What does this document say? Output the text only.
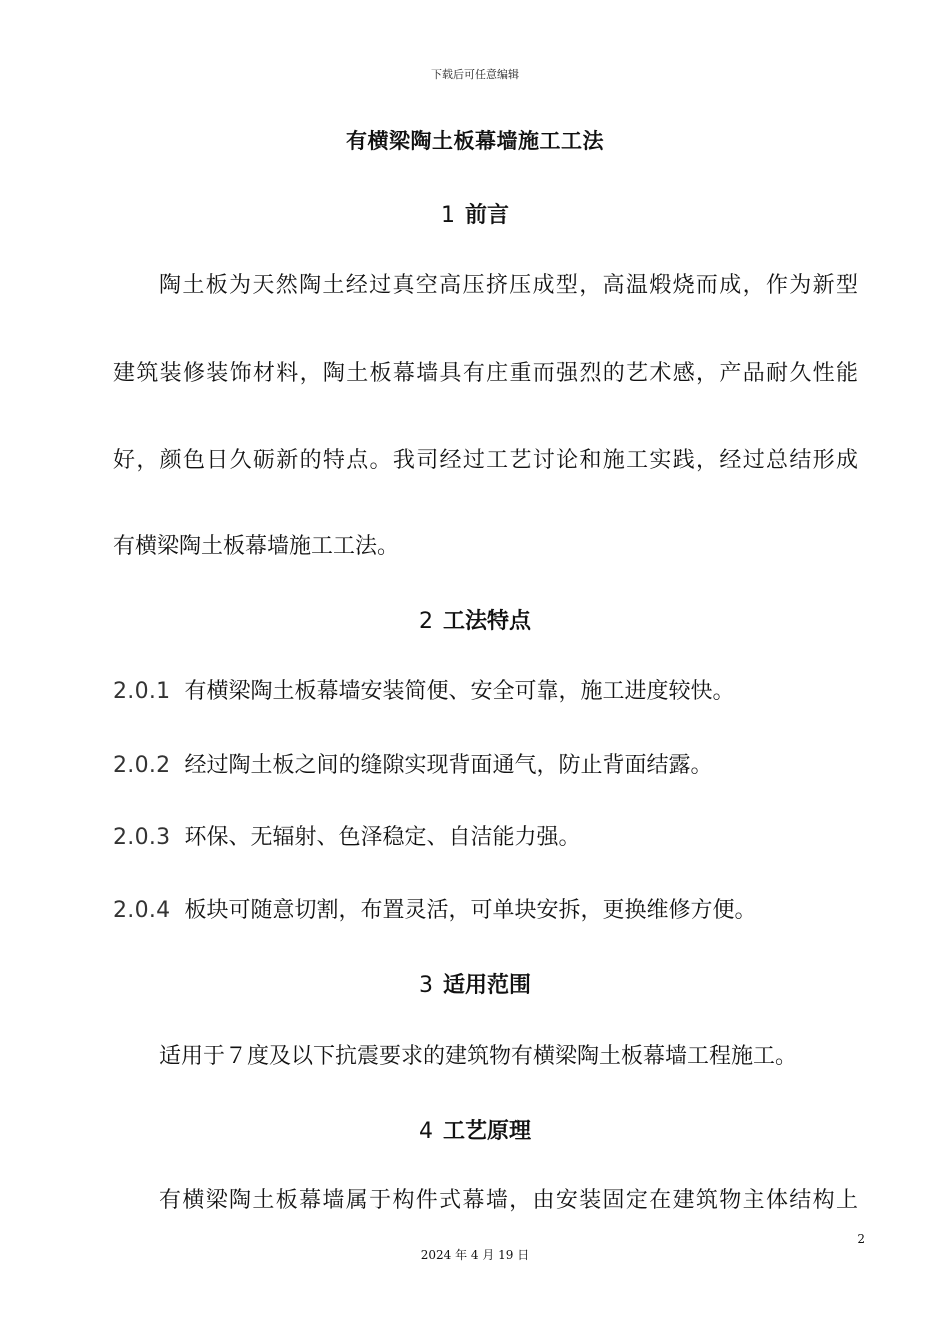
下载后可任意编辑
有横梁陶土板幕墙施工工法
1 前言
陶土板为天然陶土经过真空高压挤压成型，高温煅烧而成，作为新型
建筑装修装饰材料，陶土板幕墙具有庄重而强烈的艺术感，产品耐久性能
好，颜色日久砺新的特点。我司经过工艺讨论和施工实践，经过总结形成
有横梁陶土板幕墙施工工法。
2 工法特点
2.0.1 有横梁陶土板幕墙安装简便、安全可靠，施工进度较快。
2.0.2 经过陶土板之间的缝隙实现背面通气，防止背面结露。
2.0.3 环保、无辐射、色泽稳定、自洁能力强。
2.0.4 板块可随意切割，布置灵活，可单块安拆，更换维修方便。
3 适用范围
适用于７度及以下抗震要求的建筑物有横梁陶土板幕墙工程施工。
4 工艺原理
有横梁陶土板幕墙属于构件式幕墙，由安装固定在建筑物主体结构上
2
2024 年 4 月 19 日
